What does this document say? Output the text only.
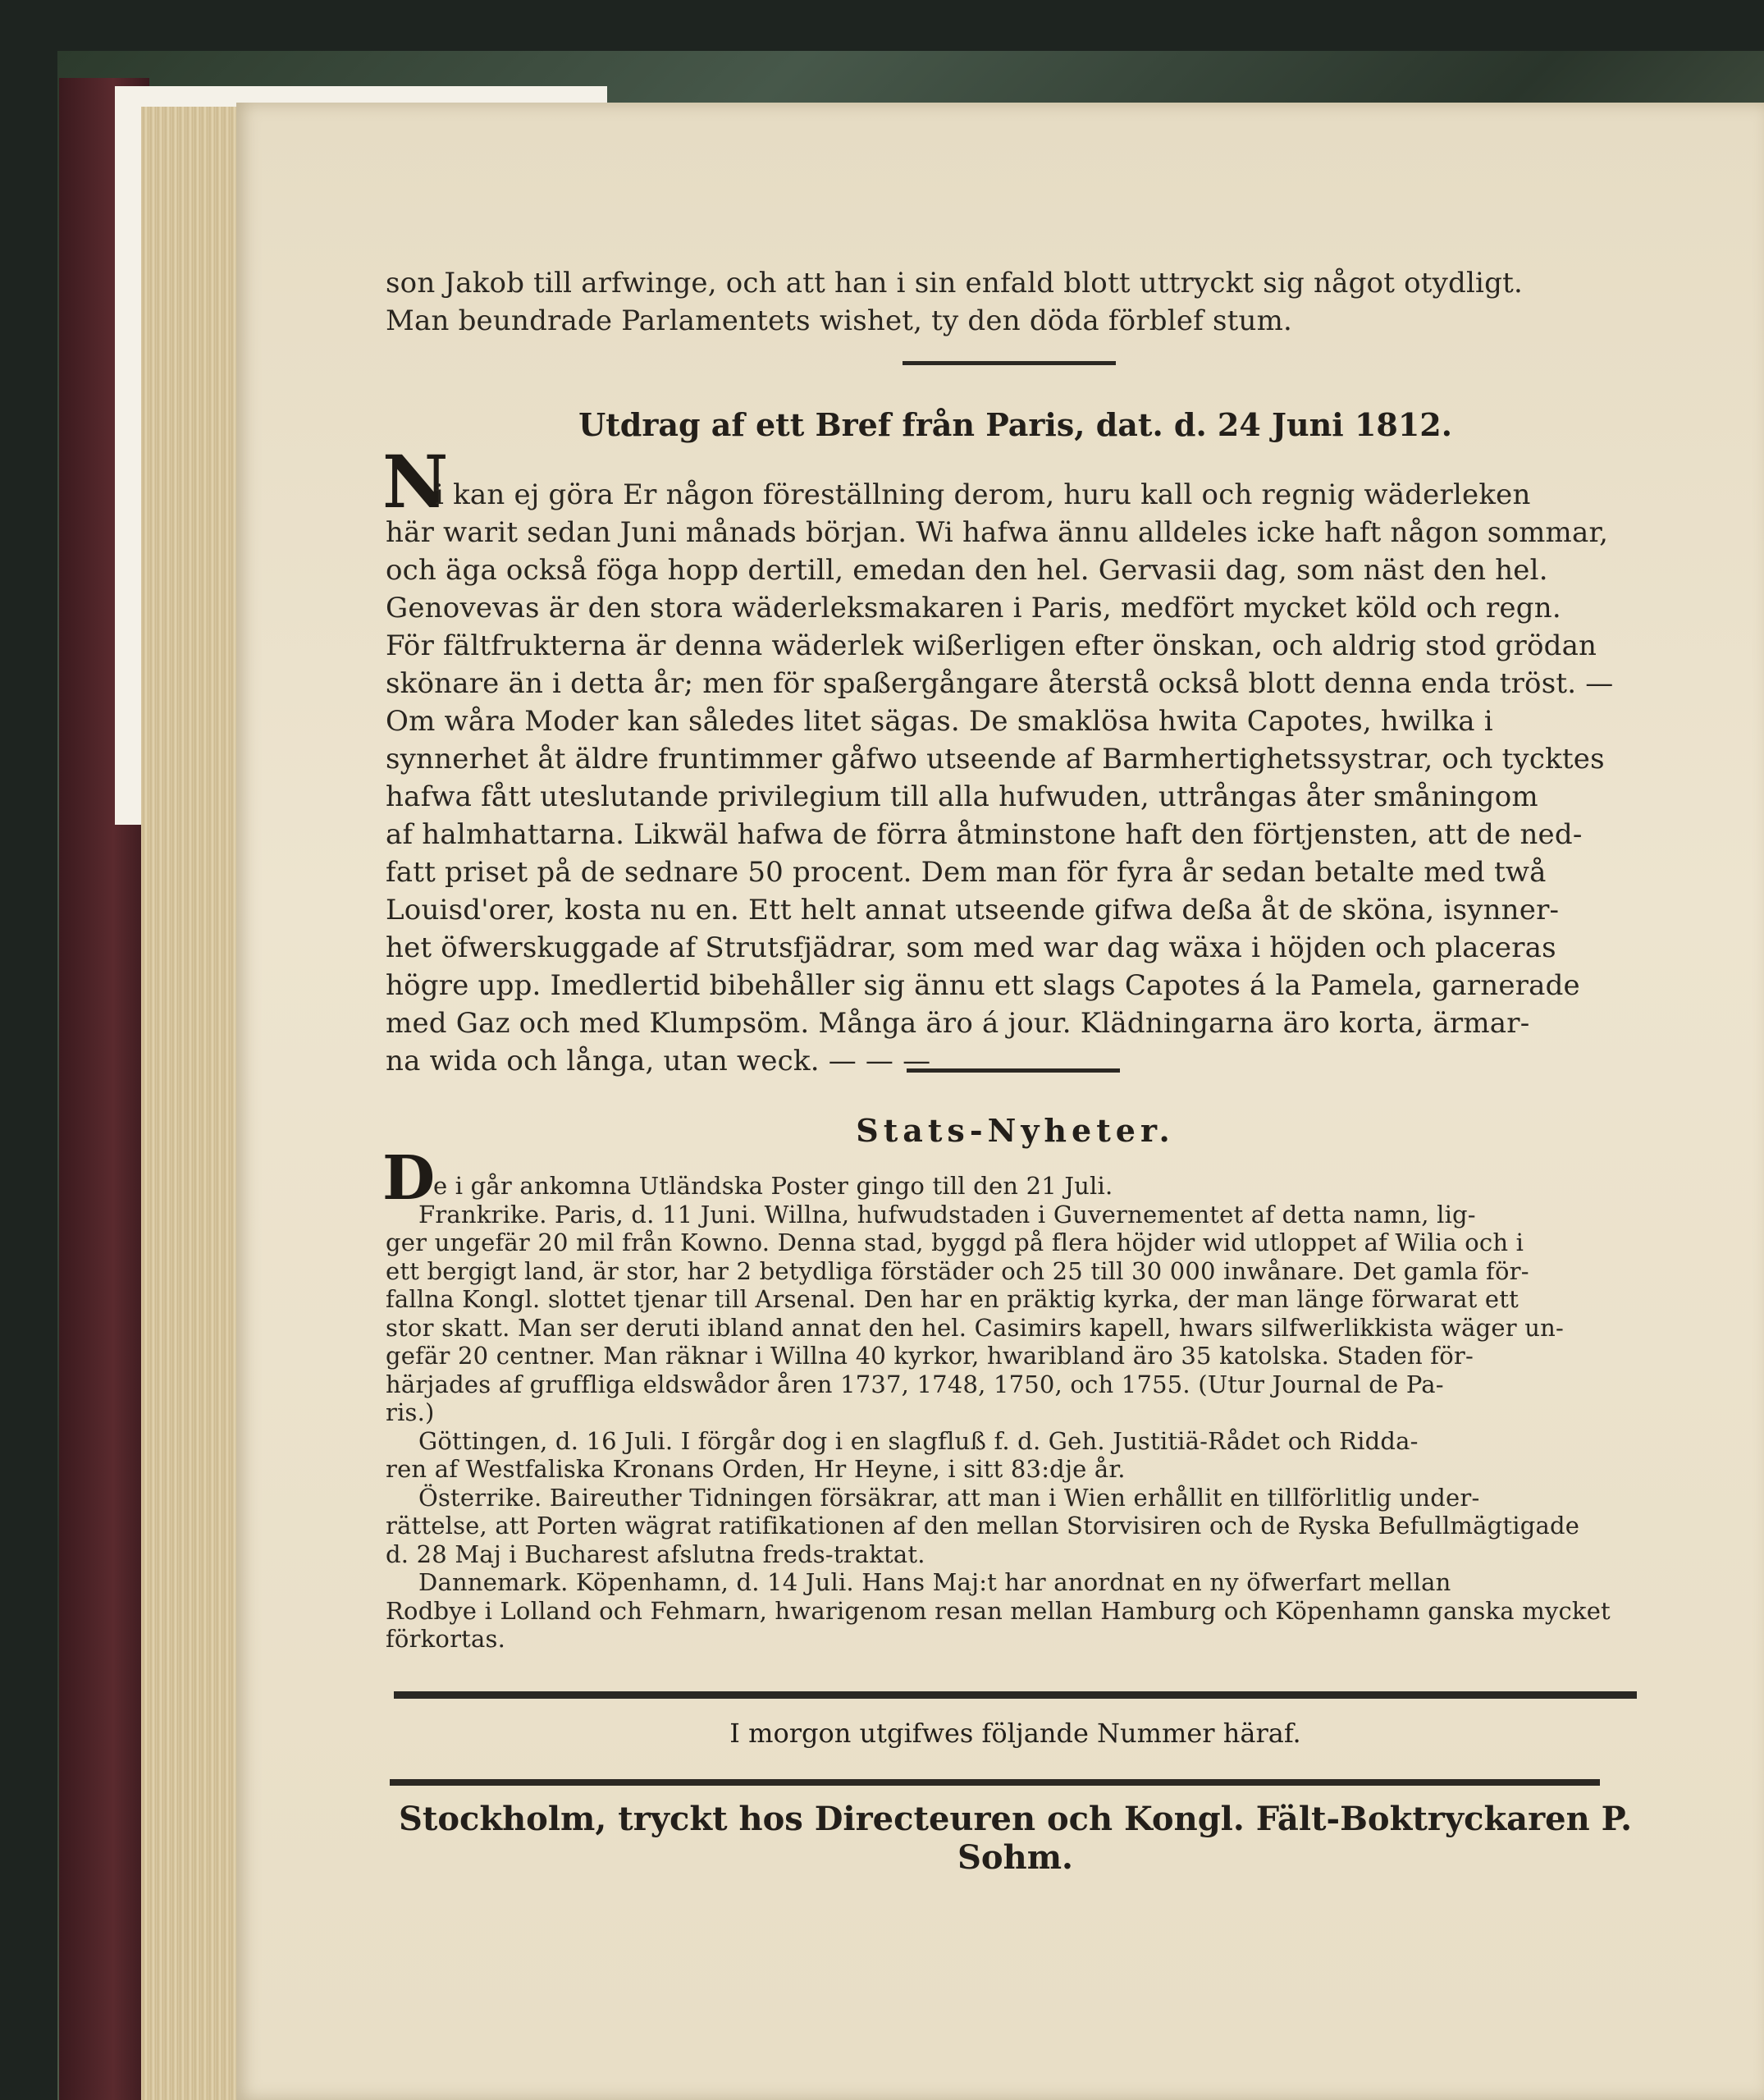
son Jakob till arfwinge, och att han i sin enfald blott uttryckt sig något otydligt.
Man beundrade Parlamentets wishet, ty den döda förblef stum.
Utdrag af ett Bref från Paris, dat. d. 24 Juni 1812.
N
i kan ej göra Er någon föreställning derom, huru kall och regnig wäderleken
här warit sedan Juni månads början. Wi hafwa ännu alldeles icke haft någon sommar,
och äga också föga hopp dertill, emedan den hel. Gervasii dag, som näst den hel.
Genovevas är den stora wäderleksmakaren i Paris, medfört mycket köld och regn.
För fältfrukterna är denna wäderlek wißerligen efter önskan, och aldrig stod grödan
skönare än i detta år; men för spaßergångare återstå också blott denna enda tröst. —
Om wåra Moder kan således litet sägas. De smaklösa hwita Capotes, hwilka i
synnerhet åt äldre fruntimmer gåfwo utseende af Barmhertighetssystrar, och tycktes
hafwa fått uteslutande privilegium till alla hufwuden, uttrångas åter småningom
af halmhattarna. Likwäl hafwa de förra åtminstone haft den förtjensten, att de ned-
fatt priset på de sednare 50 procent. Dem man för fyra år sedan betalte med twå
Louisd'orer, kosta nu en. Ett helt annat utseende gifwa deßa åt de sköna, isynner-
het öfwerskuggade af Strutsfjädrar, som med war dag wäxa i höjden och placeras
högre upp. Imedlertid bibehåller sig ännu ett slags Capotes á la Pamela, garnerade
med Gaz och med Klumpsöm. Många äro á jour. Klädningarna äro korta, ärmar-
na wida och långa, utan weck. — — —
Stats-Nyheter.
D
e i går ankomna Utländska Poster gingo till den 21 Juli.
Frankrike. Paris, d. 11 Juni. Willna, hufwudstaden i Guvernementet af detta namn, lig-
ger ungefär 20 mil från Kowno. Denna stad, byggd på flera höjder wid utloppet af Wilia och i
ett bergigt land, är stor, har 2 betydliga förstäder och 25 till 30 000 inwånare. Det gamla för-
fallna Kongl. slottet tjenar till Arsenal. Den har en präktig kyrka, der man länge förwarat ett
stor skatt. Man ser deruti ibland annat den hel. Casimirs kapell, hwars silfwerlikkista wäger un-
gefär 20 centner. Man räknar i Willna 40 kyrkor, hwaribland äro 35 katolska. Staden för-
härjades af gruffliga eldswådor åren 1737, 1748, 1750, och 1755. (Utur Journal de Pa-
ris.)
Göttingen, d. 16 Juli. I förgår dog i en slagfluß f. d. Geh. Justitiä-Rådet och Ridda-
ren af Westfaliska Kronans Orden, Hr Heyne, i sitt 83:dje år.
Österrike. Baireuther Tidningen försäkrar, att man i Wien erhållit en tillförlitlig under-
rättelse, att Porten wägrat ratifikationen af den mellan Storvisiren och de Ryska Befullmägtigade
d. 28 Maj i Bucharest afslutna freds-traktat.
Dannemark. Köpenhamn, d. 14 Juli. Hans Maj:t har anordnat en ny öfwerfart mellan
Rodbye i Lolland och Fehmarn, hwarigenom resan mellan Hamburg och Köpenhamn ganska mycket
förkortas.
I morgon utgifwes följande Nummer häraf.
Stockholm, tryckt hos Directeuren och Kongl. Fält-Boktryckaren P. Sohm.
